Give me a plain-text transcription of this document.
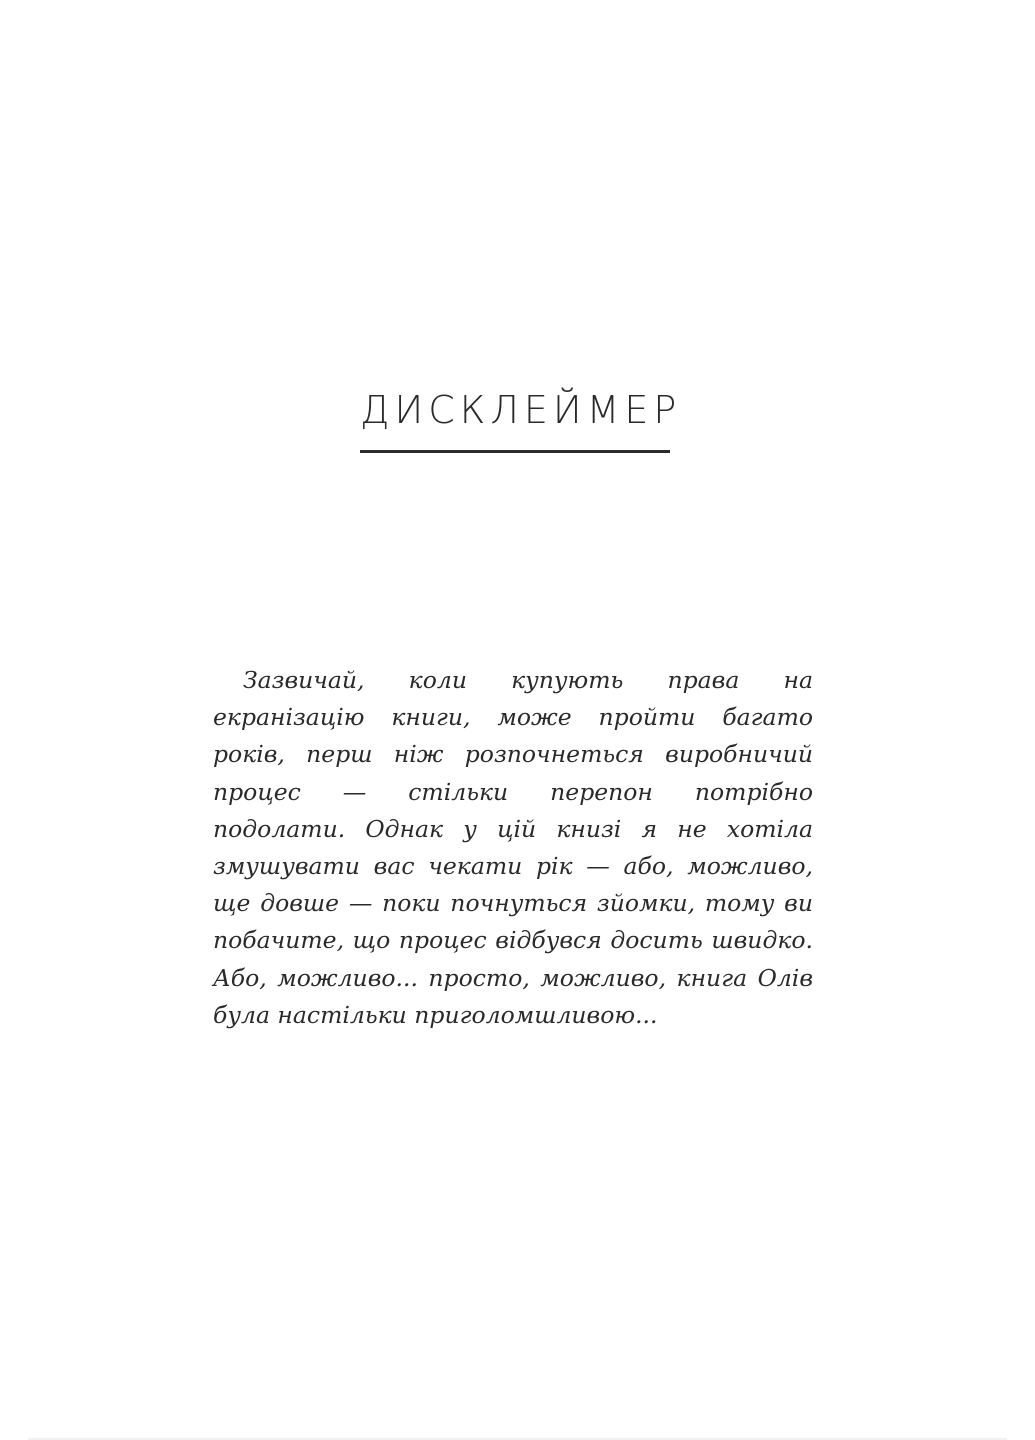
ДИСКЛЕЙМЕР

Зазвичай, коли купують права на екранізацію книги, може пройти багато років, перш ніж розпочнеться виробничий процес — стільки перепон потрібно подолати. Однак у цій книзі я не хотіла змушувати вас чекати рік — або, можливо, ще довше — поки почнуться зйомки, тому ви побачите, що процес відбувся досить швидко. Або, можливо... просто, можливо, книга Олів була настільки приголомшливою...
